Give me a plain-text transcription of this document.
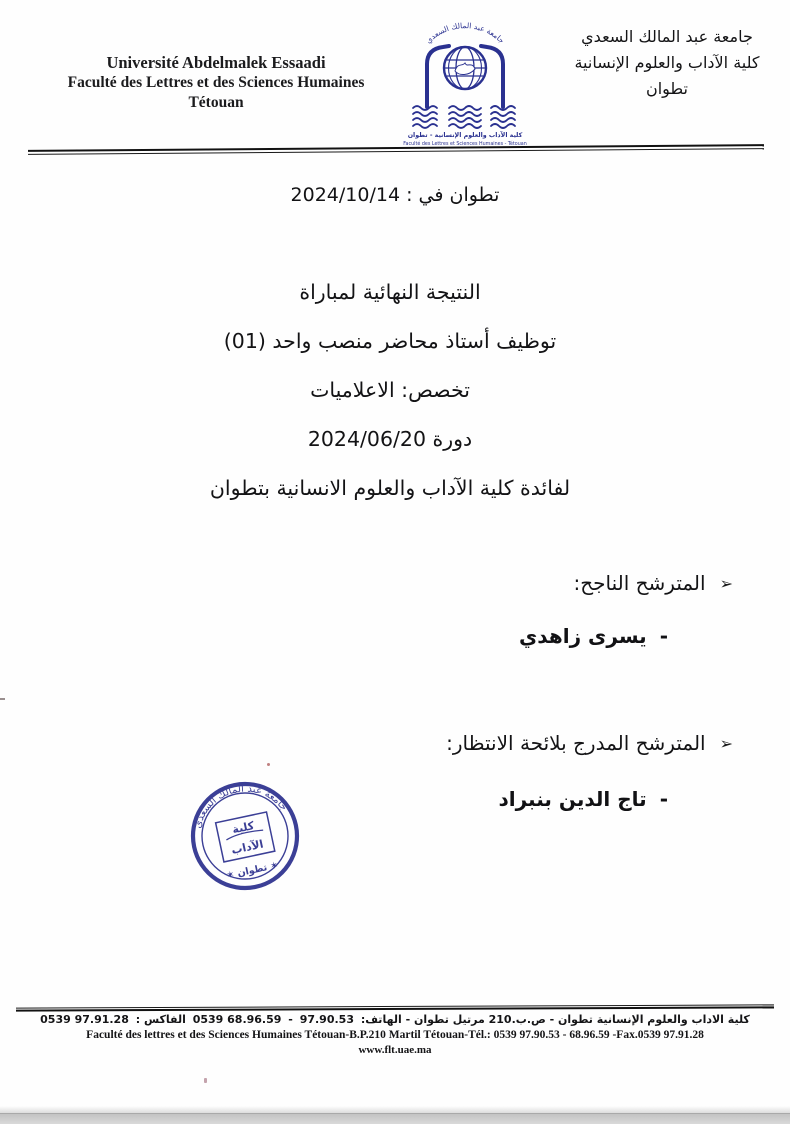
Université Abdelmalek Essaadi
Faculté des Lettres et des Sciences Humaines
Tétouan
جامعة عبد المالك السعدي
كلية الآداب والعلوم الإنسانية - تطوان
Faculté des Lettres et Sciences Humaines - Tétouan
جامعة عبد المالك السعدي
كلية الآداب والعلوم الإنسانية
تطوان
تطوان في : 2024/10/14
النتيجة النهائية لمباراة
توظيف أستاذ محاضر منصب واحد (01)
تخصص: الاعلاميات
دورة 2024/06/20
لفائدة كلية الآداب والعلوم الانسانية بتطوان
➢
المترشح الناجح:
-
يسرى زاهدي
➢
المترشح المدرج بلائحة الانتظار:
-
تاج الدين بنبراد
جامعة عبد المالك السعدي
كلية
الآداب
✶ تطوان ✶
كلية الاداب والعلوم الإنسانية تطوان - ص.ب.210 مرتيل تطوان - الهاتف: 97.90.53 - 0539 68.96.59 الفاكس : 0539 97.91.28
Faculté des lettres et des Sciences Humaines Tétouan-B.P.210 Martil Tétouan-Tél.: 0539 97.90.53 - 68.96.59 -Fax.0539 97.91.28
www.flt.uae.ma
